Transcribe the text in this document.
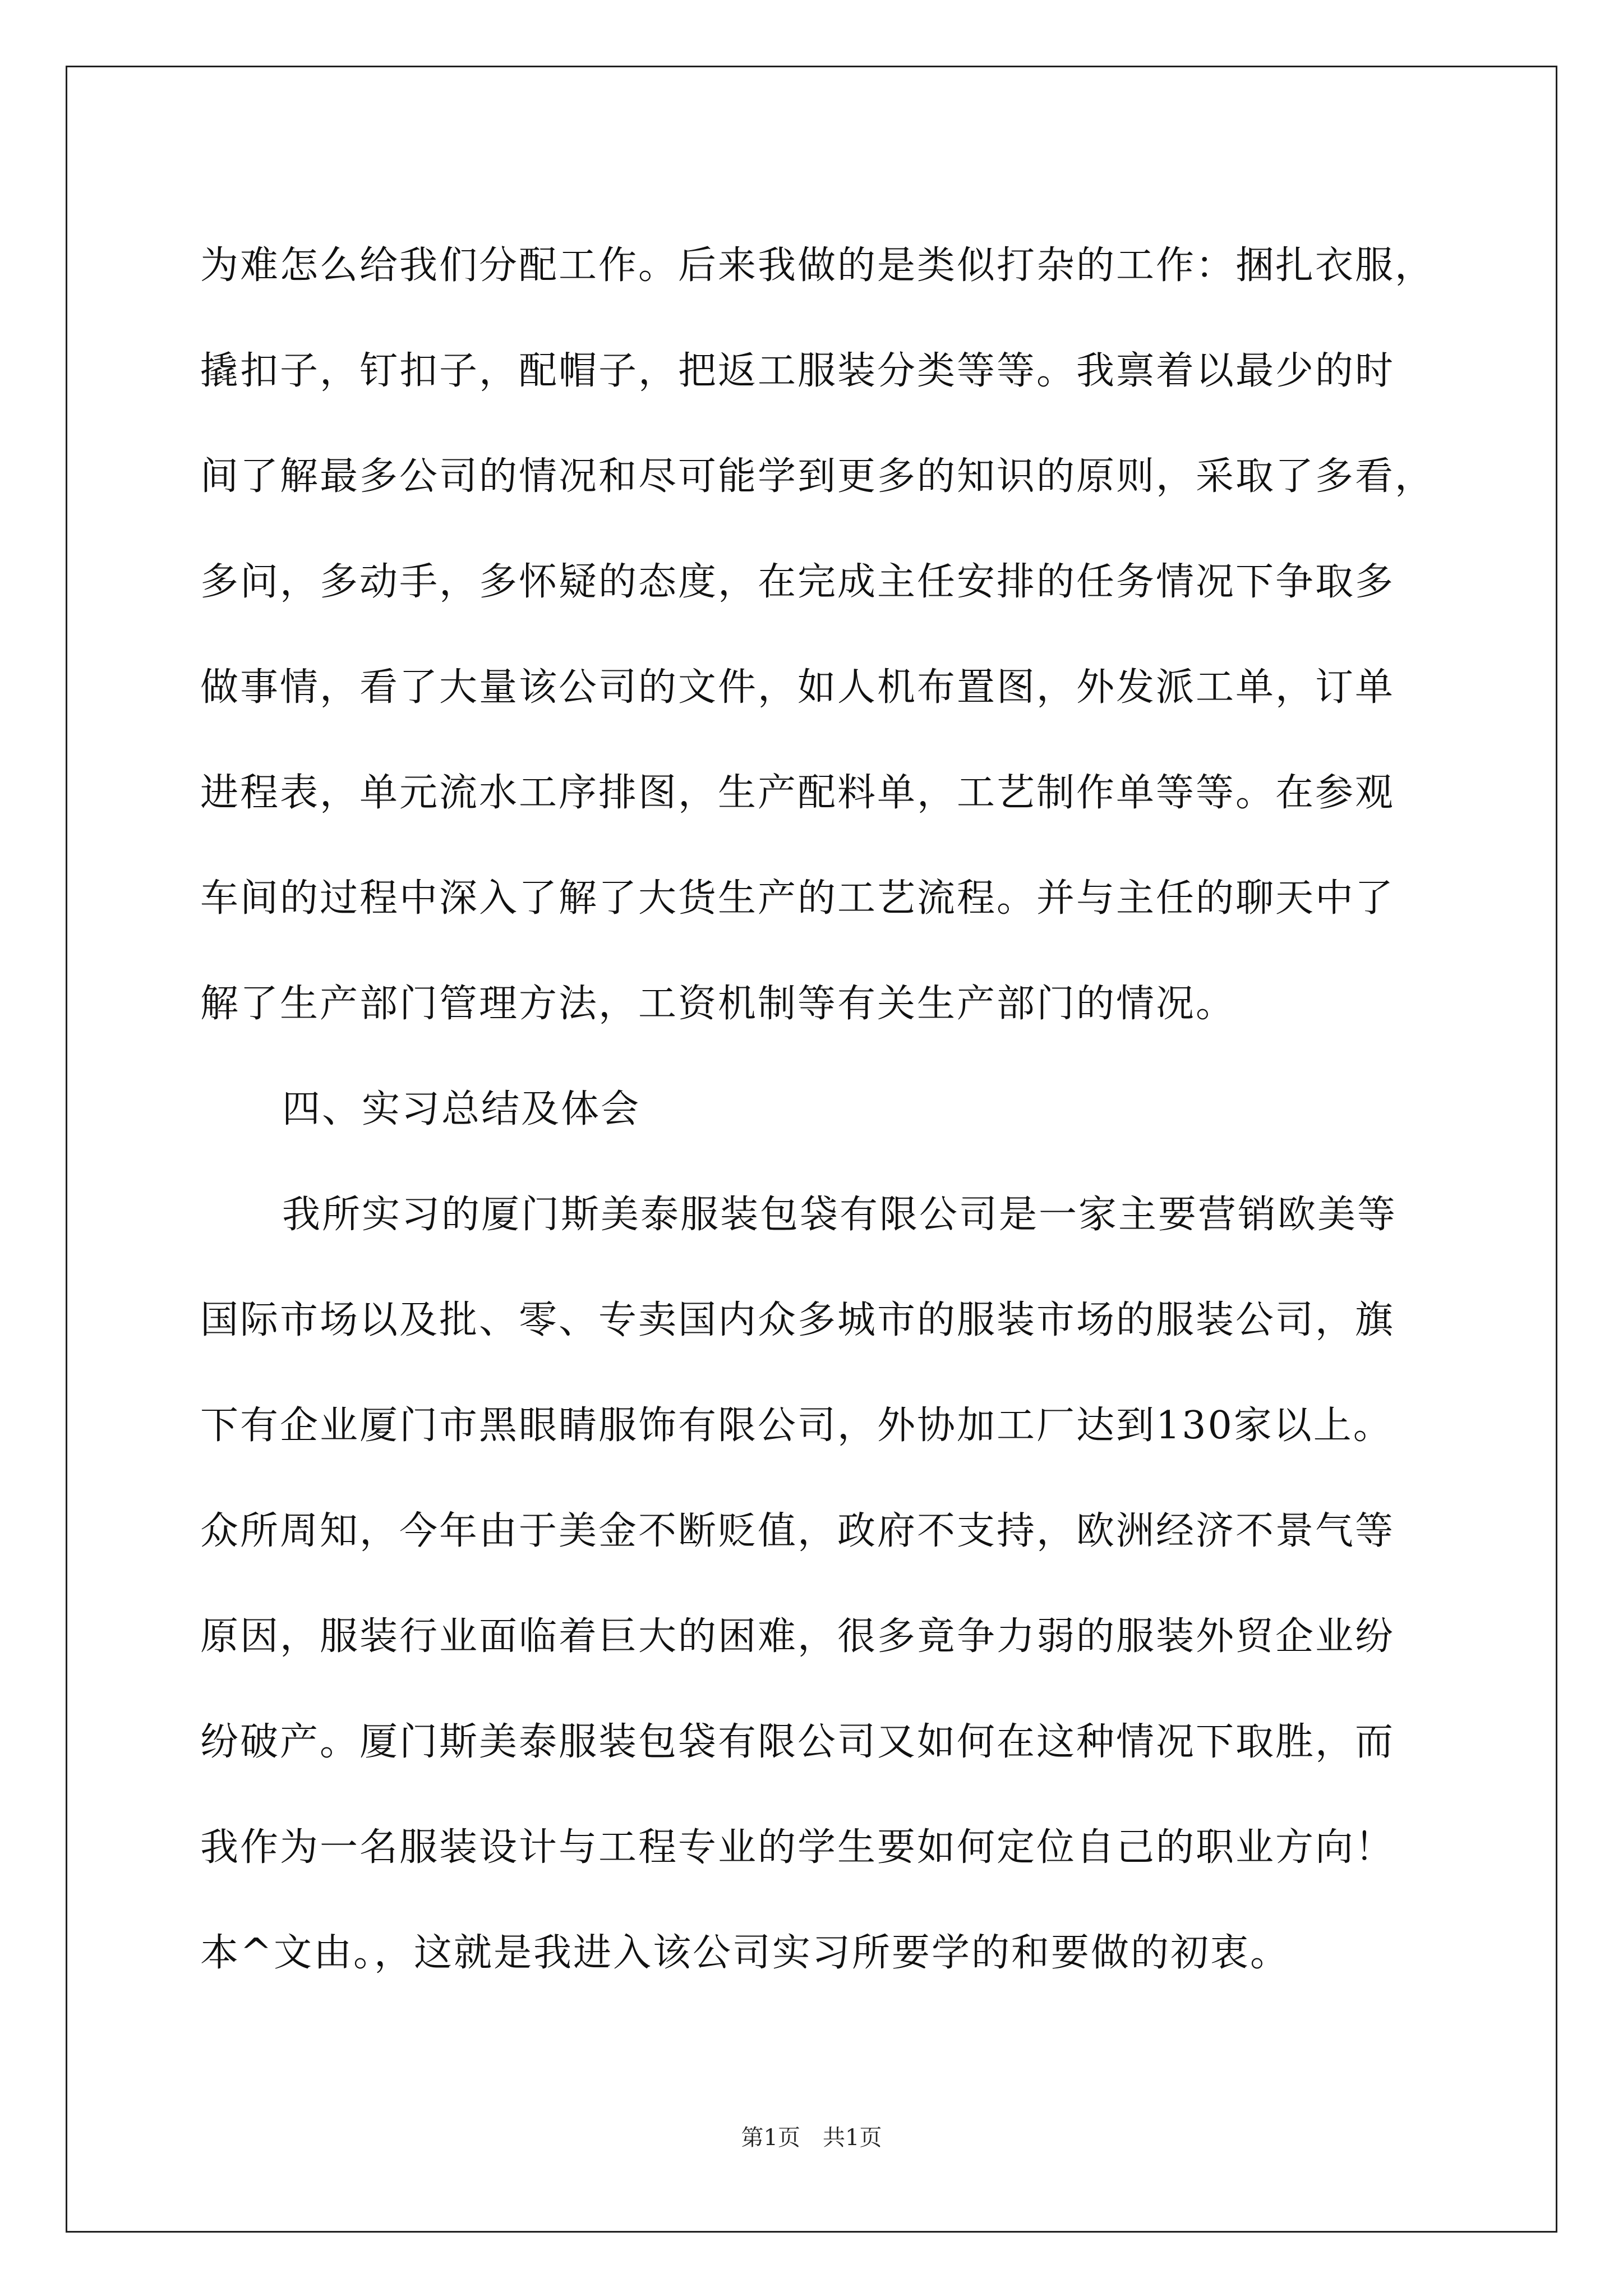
为难怎么给我们分配工作。后来我做的是类似打杂的工作：捆扎衣服，
撬扣子，钉扣子，配帽子，把返工服装分类等等。我禀着以最少的时
间了解最多公司的情况和尽可能学到更多的知识的原则，采取了多看，
多问，多动手，多怀疑的态度，在完成主任安排的任务情况下争取多
做事情，看了大量该公司的文件，如人机布置图，外发派工单，订单
进程表，单元流水工序排图，生产配料单，工艺制作单等等。在参观
车间的过程中深入了解了大货生产的工艺流程。并与主任的聊天中了
解了生产部门管理方法，工资机制等有关生产部门的情况。
四、实习总结及体会
我所实习的厦门斯美泰服装包袋有限公司是一家主要营销欧美等
国际市场以及批、零、专卖国内众多城市的服装市场的服装公司，旗
下有企业厦门市黑眼睛服饰有限公司，外协加工厂达到130家以上。
众所周知，今年由于美金不断贬值，政府不支持，欧洲经济不景气等
原因，服装行业面临着巨大的困难，很多竟争力弱的服装外贸企业纷
纷破产。厦门斯美泰服装包袋有限公司又如何在这种情况下取胜，而
我作为一名服装设计与工程专业的学生要如何定位自己的职业方向！
本^文由。，这就是我进入该公司实习所要学的和要做的初衷。
第1页　共1页
